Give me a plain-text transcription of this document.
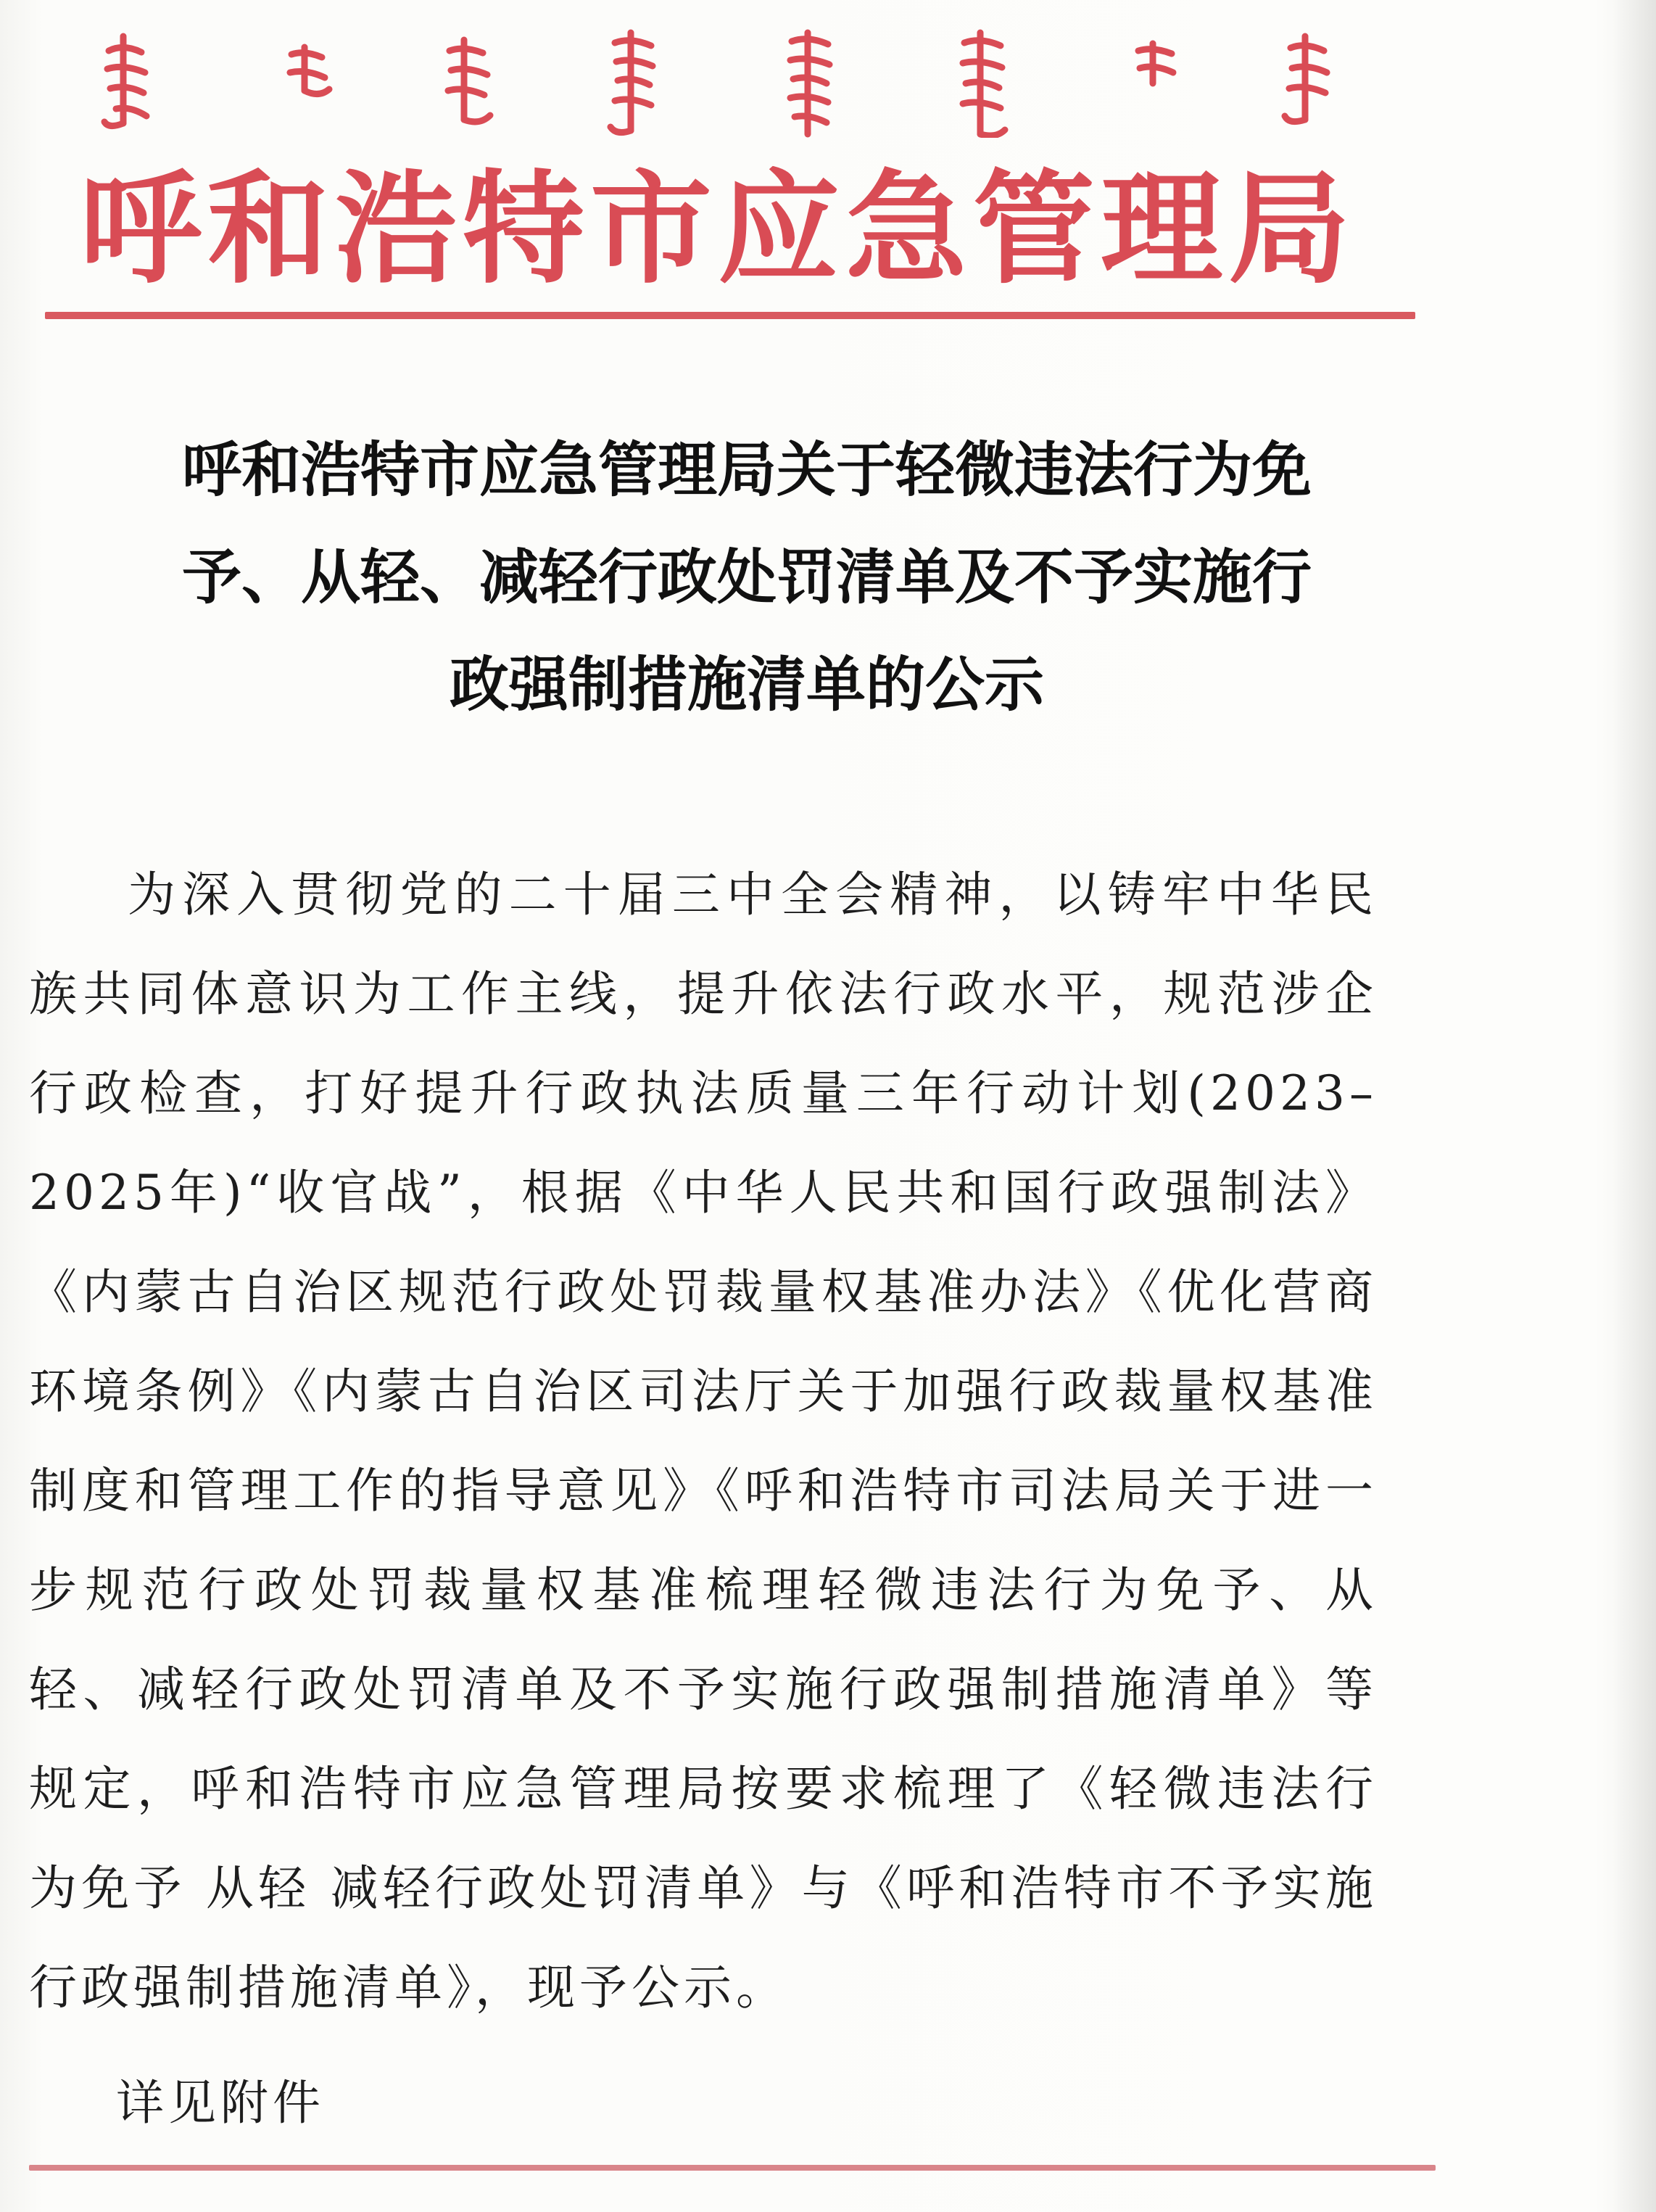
呼和浩特市应急管理局
呼和浩特市应急管理局关于轻微违法行为免
予、从轻、减轻行政处罚清单及不予实施行
政强制措施清单的公示
为深入贯彻党的二十届三中全会精神，以铸牢中华民族共同体意识为工作主线，提升依法行政水平，规范涉企行政检查，打好提升行政执法质量三年行动计划(2023–2025年)“收官战”，根据《中华人民共和国行政强制法》《内蒙古自治区规范行政处罚裁量权基准办法》《优化营商环境条例》《内蒙古自治区司法厅关于加强行政裁量权基准制度和管理工作的指导意见》《呼和浩特市司法局关于进一步规范行政处罚裁量权基准梳理轻微违法行为免予、从轻、减轻行政处罚清单及不予实施行政强制措施清单》等规定，呼和浩特市应急管理局按要求梳理了《轻微违法行为免予 从轻 减轻行政处罚清单》与《呼和浩特市不予实施行政强制措施清单》，现予公示。
详见附件
